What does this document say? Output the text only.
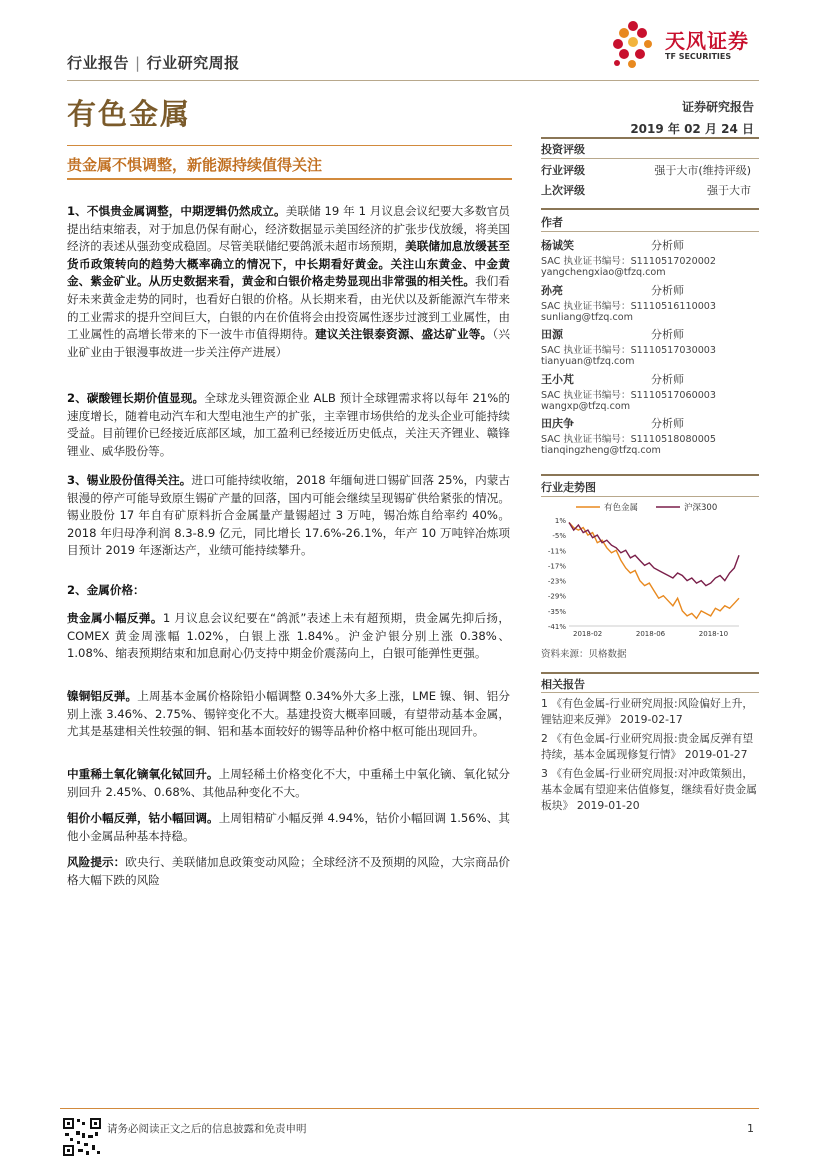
行业报告 | 行业研究周报
天风证券
TF SECURITIES
有色金属	证券研究报告
2019 年 02 月 24 日
贵金属不惧调整，新能源持续值得关注
1、不惧贵金属调整，中期逻辑仍然成立。美联储 19 年 1 月议息会议纪要大多数官员提出结束缩表，对于加息仍保有耐心，经济数据显示美国经济的扩张步伐放缓，将美国经济的表述从强劲变成稳固。尽管美联储纪要鸽派未超市场预期，美联储加息放缓甚至货币政策转向的趋势大概率确立的情况下，中长期看好黄金。关注山东黄金、中金黄金、紫金矿业。从历史数据来看，黄金和白银价格走势显现出非常强的相关性。我们看好未来黄金走势的同时，也看好白银的价格。从长期来看，由光伏以及新能源汽车带来的工业需求的提升空间巨大，白银的内在价值将会由投资属性逐步过渡到工业属性，由工业属性的高增长带来的下一波牛市值得期待。建议关注银泰资源、盛达矿业等。（兴业矿业由于银漫事故进一步关注停产进展）
2、碳酸锂长期价值显现。全球龙头锂资源企业 ALB 预计全球锂需求将以每年 21%的速度增长，随着电动汽车和大型电池生产的扩张，主幸锂市场供给的龙头企业可能持续受益。目前锂价已经接近底部区域，加工盈利已经接近历史低点，关注天齐锂业、赣锋锂业、威华股份等。
3、锡业股份值得关注。进口可能持续收缩，2018 年缅甸进口锡矿回落 25%，内蒙古银漫的停产可能导致原生锡矿产量的回落，国内可能会继续呈现锡矿供给紧张的情况。锡业股份 17 年自有矿原料折合金属量产量锡超过 3 万吨，锡冶炼自给率约 40%。2018 年归母净利润 8.3-8.9 亿元，同比增长 17.6%-26.1%，年产 10 万吨锌冶炼项目预计 2019 年逐渐达产，业绩可能持续攀升。
2、金属价格：
贵金属小幅反弹。1 月议息会议纪要在“鸽派”表述上未有超预期，贵金属先抑后扬，COMEX 黄金周涨幅 1.02%，白银上涨 1.84%。沪金沪银分别上涨 0.38%、1.08%、缩表预期结束和加息耐心仍支持中期金价震荡向上，白银可能弹性更强。
镍铜铝反弹。上周基本金属价格除铅小幅调整 0.34%外大多上涨，LME 镍、铜、铝分别上涨 3.46%、2.75%、锡锌变化不大。基建投资大概率回暖，有望带动基本金属，尤其是基建相关性较强的铜、铝和基本面较好的锡等品种价格中枢可能出现回升。
中重稀土氧化镝氧化铽回升。上周轻稀土价格变化不大，中重稀土中氧化镝、氧化铽分别回升 2.45%、0.68%、其他品种变化不大。
钼价小幅反弹，钴小幅回调。上周钼精矿小幅反弹 4.94%，钴价小幅回调 1.56%、其他小金属品种基本持稳。
风险提示：欧央行、美联储加息政策变动风险；全球经济不及预期的风险，大宗商品价格大幅下跌的风险
投资评级
行业评级	强于大市(维持评级)
上次评级	强于大市
作者
杨诚笑	分析师
SAC 执业证书编号：S1110517020002
yangchengxiao@tfzq.com
孙亮	分析师
SAC 执业证书编号：S1110516110003
sunliang@tfzq.com
田源	分析师
SAC 执业证书编号：S1110517030003
tianyuan@tfzq.com
王小芃	分析师
SAC 执业证书编号：S1110517060003
wangxp@tfzq.com
田庆争	分析师
SAC 执业证书编号：S1110518080005
tianqingzheng@tfzq.com
行业走势图
有色金属	沪深300
1%
-5%
-11%
-17%
-23%
-29%
-35%
-41%
2018-02	2018-06	2018-10
资料来源：贝格数据
相关报告
1 《有色金属-行业研究周报:风险偏好上升，锂钴迎来反弹》 2019-02-17
2 《有色金属-行业研究周报:贵金属反弹有望持续，基本金属现修复行情》 2019-01-27
3 《有色金属-行业研究周报:对冲政策频出，基本金属有望迎来估值修复，继续看好贵金属板块》 2019-01-20
请务必阅读正文之后的信息披露和免责申明	1
